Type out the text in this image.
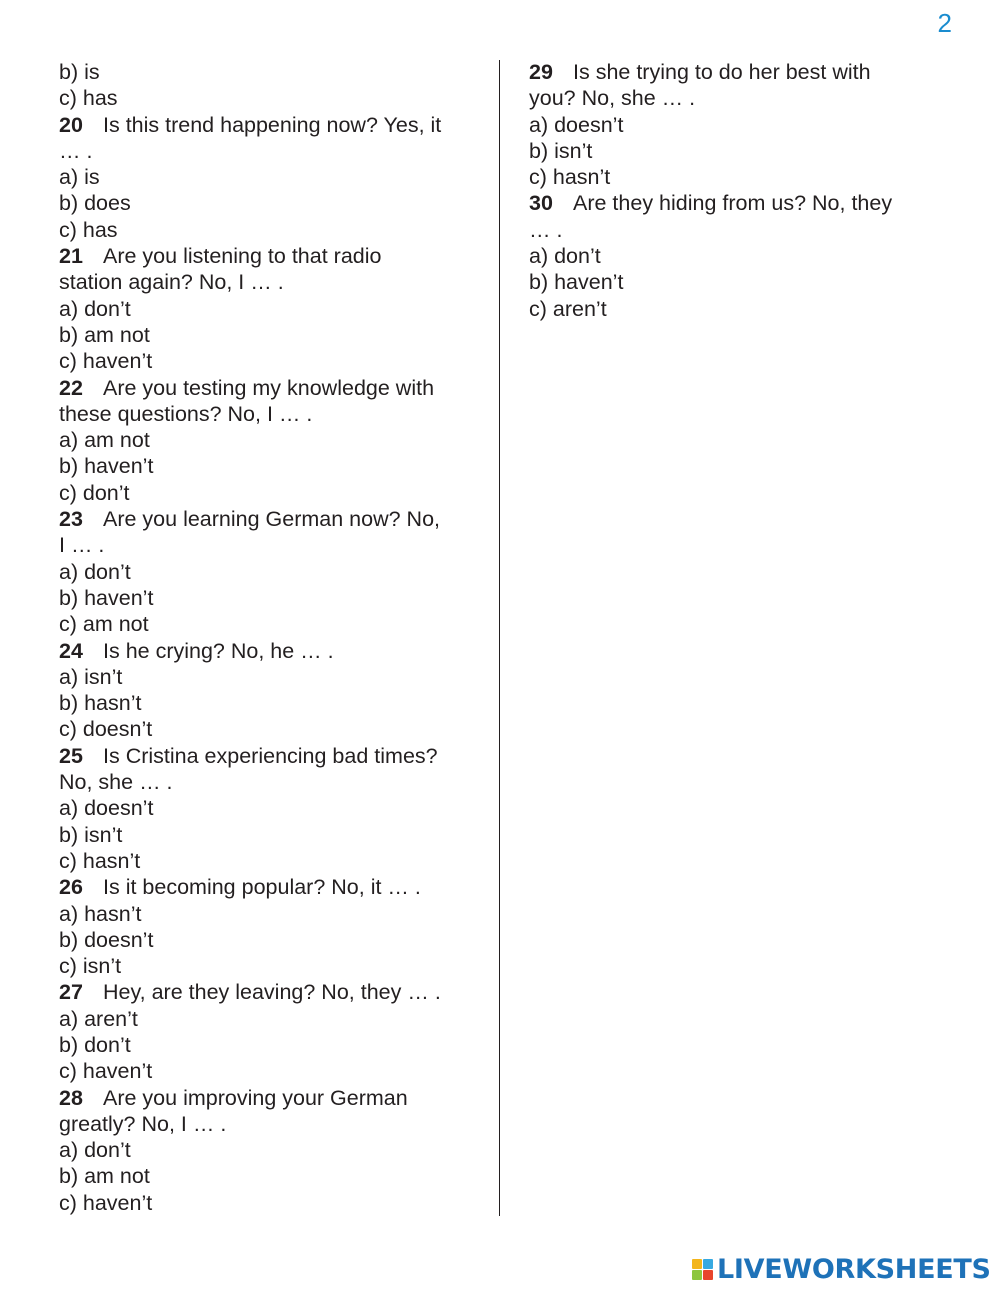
2
b) is
c) has
20 Is this trend happening now? Yes, it
… .
a) is
b) does
c) has
21 Are you listening to that radio
station again? No, I … .
a) don’t
b) am not
c) haven’t
22 Are you testing my knowledge with
these questions? No, I … .
a) am not
b) haven’t
c) don’t
23 Are you learning German now? No,
I … .
a) don’t
b) haven’t
c) am not
24 Is he crying? No, he … .
a) isn’t
b) hasn’t
c) doesn’t
25 Is Cristina experiencing bad times?
No, she … .
a) doesn’t
b) isn’t
c) hasn’t
26 Is it becoming popular? No, it … .
a) hasn’t
b) doesn’t
c) isn’t
27 Hey, are they leaving? No, they … .
a) aren’t
b) don’t
c) haven’t
28 Are you improving your German
greatly? No, I … .
a) don’t
b) am not
c) haven’t
29 Is she trying to do her best with
you? No, she … .
a) doesn’t
b) isn’t
c) hasn’t
30 Are they hiding from us? No, they
… .
a) don’t
b) haven’t
c) aren’t
LIVEWORKSHEETS
